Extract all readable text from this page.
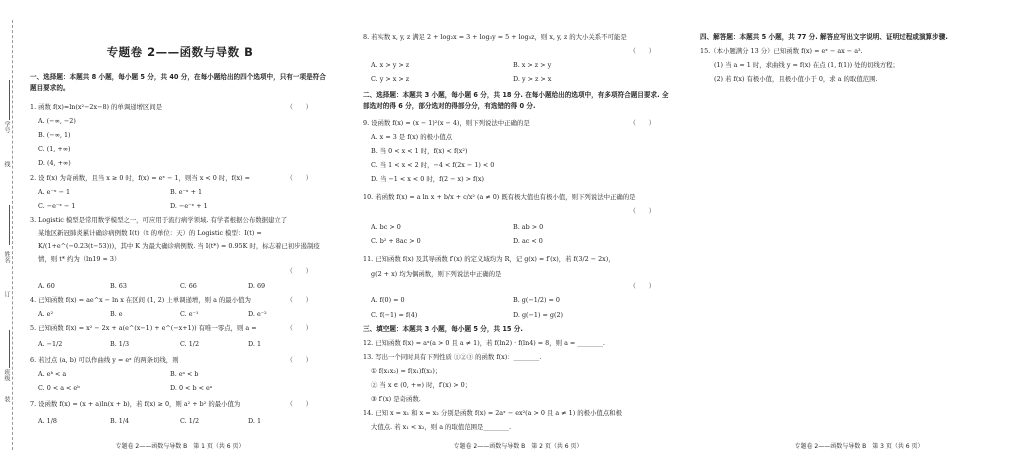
学号
线
姓名
订
班级
装
专题卷 2——函数与导数 B
一、选择题：本题共 8 小题，每小题 5 分，共 40 分，在每小题给出的四个选项中，只有一项是符合题目要求的。
1. 函数 f(x)=ln(x²−2x−8) 的单调递增区间是	（　　）
A. (−∞, −2)
B. (−∞, 1)
C. (1, +∞)
D. (4, +∞)
2. 设 f(x) 为奇函数，且当 x ≥ 0 时，f(x) = eˣ − 1，则当 x < 0 时，f(x) =	（　　）
A. e⁻ˣ − 1	B. e⁻ˣ + 1
C. −e⁻ˣ − 1	D. −e⁻ˣ + 1
3. Logistic 模型是常用数学模型之一，可应用于流行病学领域. 有学者根据公布数据建立了
某地区新冠肺炎累计确诊病例数 I(t)（t 的单位：天）的 Logistic 模型：I(t) =
K/(1+e^(−0.23(t−53)))，其中 K 为最大确诊病例数. 当 I(t*) = 0.95K 时，标志着已初步遏制疫
情，则 t* 约为（ln19 ≈ 3）
（　　）
A. 60	B. 63	C. 66	D. 69
4. 已知函数 f(x) = ae^x − ln x 在区间 (1, 2) 上单调递增，则 a 的最小值为	（　　）
A. e²	B. e	C. e⁻¹	D. e⁻²
5. 已知函数 f(x) = x² − 2x + a(e^(x−1) + e^(−x+1)) 有唯一零点，则 a =	（　　）
A. −1/2	B. 1/3	C. 1/2	D. 1
6. 若过点 (a, b) 可以作曲线 y = eˣ 的两条切线，则	（　　）
A. eᵇ < a	B. eᵃ < b
C. 0 < a < eᵇ	D. 0 < b < eᵃ
7. 设函数 f(x) = (x + a)ln(x + b)，若 f(x) ≥ 0，则 a² + b² 的最小值为	（　　）
A. 1/8	B. 1/4	C. 1/2	D. 1
专题卷 2——函数与导数 B　第 1 页（共 6 页）
8. 若实数 x, y, z 满足 2 + log₂x = 3 + log₃y = 5 + log₅z，则 x, y, z 的大小关系不可能是
（　　）
A. x > y > z	B. x > z > y
C. y > x > z	D. y > z > x
二、选择题：本题共 3 小题，每小题 6 分，共 18 分. 在每小题给出的选项中，有多项符合题目要求. 全部选对的得 6 分，部分选对的得部分分，有选错的得 0 分.
9. 设函数 f(x) = (x − 1)²(x − 4)，则下列说法中正确的是	（　　）
A. x = 3 是 f(x) 的极小值点
B. 当 0 < x < 1 时，f(x) < f(x²)
C. 当 1 < x < 2 时，−4 < f(2x − 1) < 0
D. 当 −1 < x < 0 时，f(2 − x) > f(x)
10. 若函数 f(x) = a ln x + b/x + c/x² (a ≠ 0) 既有极大值也有极小值，则下列说法中正确的是
（　　）
A. bc > 0	B. ab > 0
C. b² + 8ac > 0	D. ac < 0
11. 已知函数 f(x) 及其导函数 f′(x) 的定义域均为 R，记 g(x) = f′(x)，若 f(3/2 − 2x)，
g(2 + x) 均为偶函数，则下列说法中正确的是
（　　）
A. f(0) = 0	B. g(−1/2) = 0
C. f(−1) = f(4)	D. g(−1) = g(2)
三、填空题：本题共 3 小题，每小题 5 分，共 15 分.
12. 已知函数 f(x) = aˣ(a > 0 且 a ≠ 1)，若 f(ln2) · f(ln4) = 8，则 a = ________.
13. 写出一个同时具有下列性质 ①②③ 的函数 f(x)：________.
① f(x₁x₂) = f(x₁)f(x₂)；
② 当 x ∈ (0, +∞) 时，f′(x) > 0；
③ f′(x) 是奇函数.
14. 已知 x = x₁ 和 x = x₂ 分别是函数 f(x) = 2aˣ − ex²(a > 0 且 a ≠ 1) 的极小值点和极
大值点. 若 x₁ < x₂，则 a 的取值范围是________.
专题卷 2——函数与导数 B　第 2 页（共 6 页）
四、解答题：本题共 5 小题，共 77 分. 解答应写出文字说明、证明过程或演算步骤.
15.（本小题满分 13 分）已知函数 f(x) = eˣ − ax − a³.
(1) 当 a = 1 时，求曲线 y = f(x) 在点 (1, f(1)) 处的切线方程；
(2) 若 f(x) 有极小值，且极小值小于 0，求 a 的取值范围.
专题卷 2——函数与导数 B　第 3 页（共 6 页）
